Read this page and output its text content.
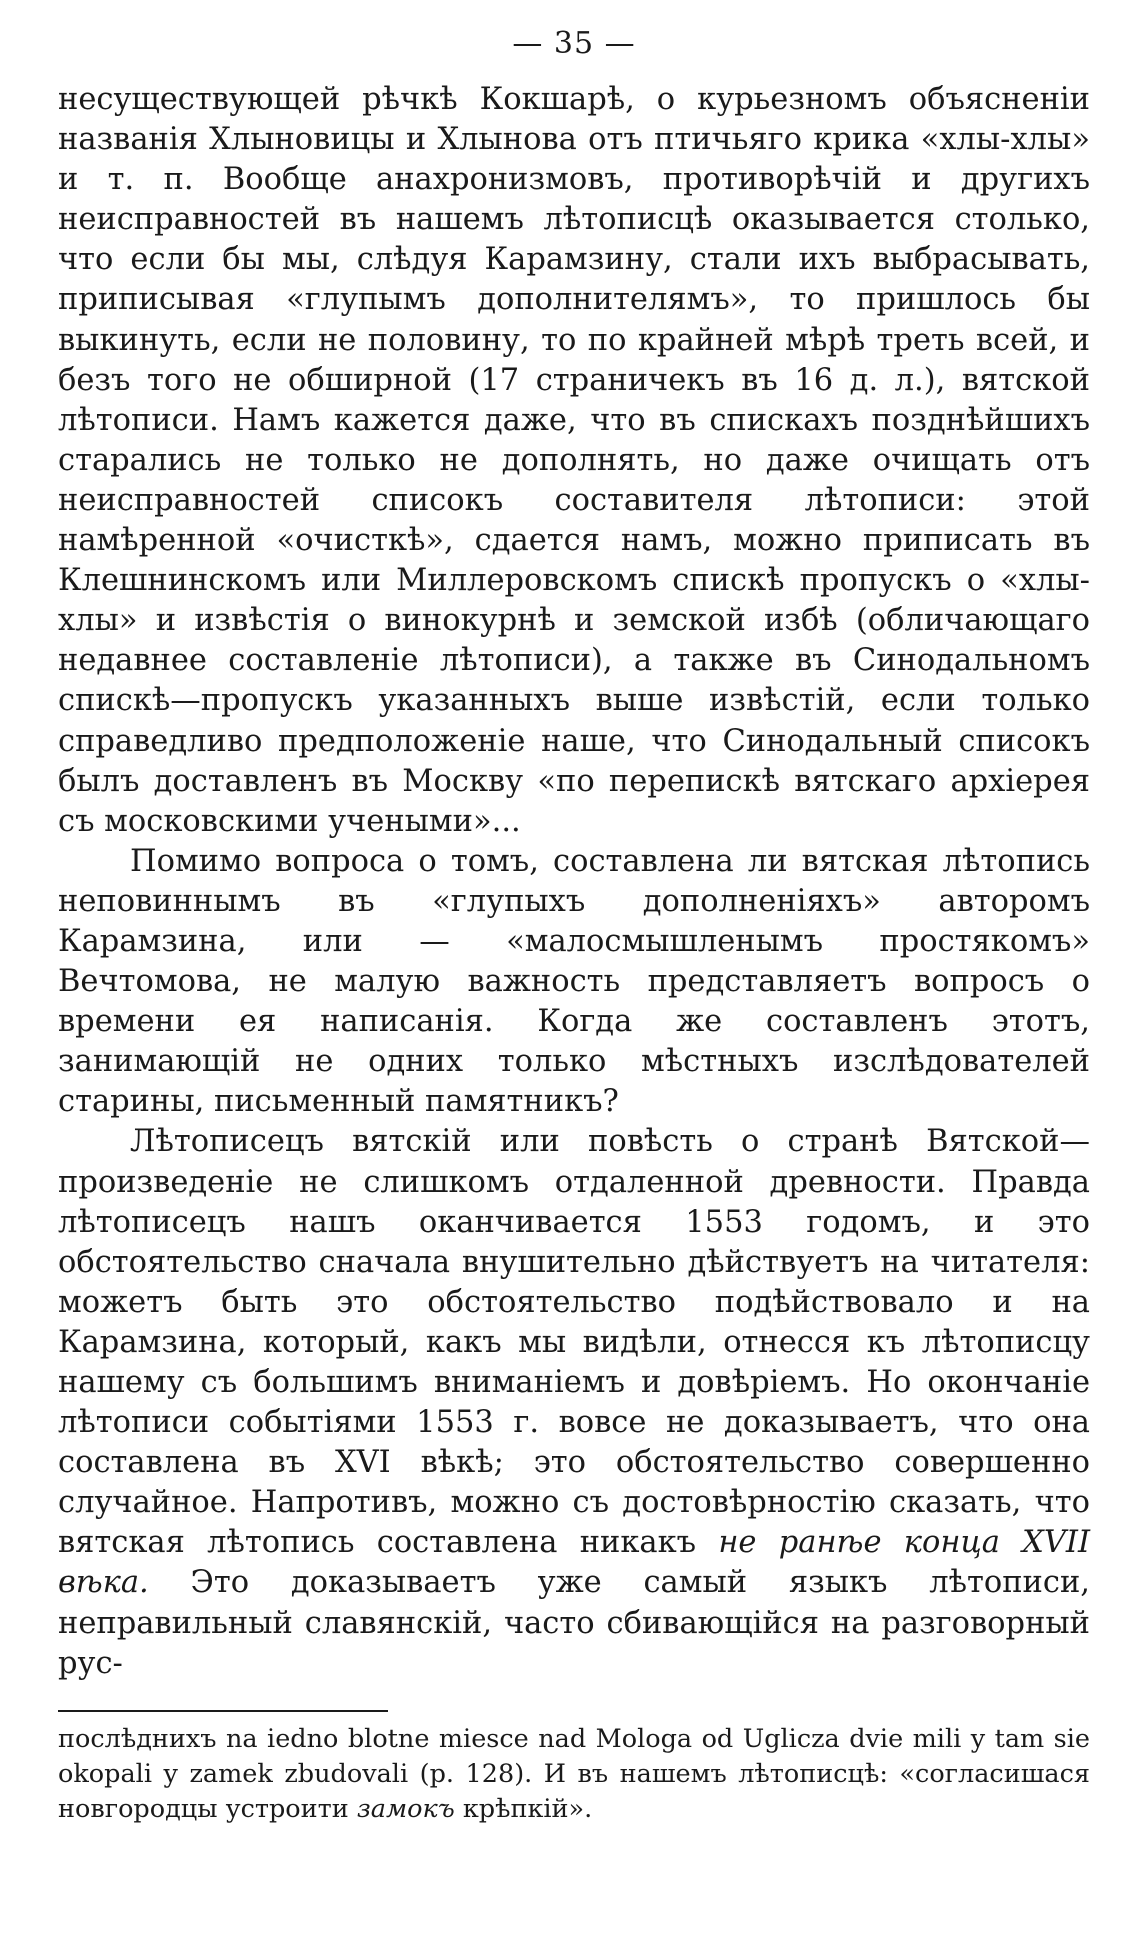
— 35 —

несуществующей рѣчкѣ Кокшарѣ, о курьезномъ объясненіи названія Хлыновицы и Хлынова отъ птичьяго крика «хлы-хлы» и т. п. Вообще анахронизмовъ, противорѣчій и другихъ неисправностей въ нашемъ лѣтописцѣ оказывается столько, что если бы мы, слѣдуя Карамзину, стали ихъ выбрасывать, приписывая «глупымъ дополнителямъ», то пришлось бы выкинуть, если не половину, то по крайней мѣрѣ треть всей, и безъ того не обширной (17 страничекъ въ 16 д. л.), вятской лѣтописи. Намъ кажется даже, что въ спискахъ позднѣйшихъ старались не только не дополнять, но даже очищать отъ неисправностей списокъ составителя лѣтописи: этой намѣренной «очисткѣ», сдается намъ, можно приписать въ Клешнинскомъ или Миллеровскомъ спискѣ пропускъ о «хлы-хлы» и извѣстія о винокурнѣ и земской избѣ (обличающаго недавнее составленіе лѣтописи), а также въ Синодальномъ спискѣ—пропускъ указанныхъ выше извѣстій, если только справедливо предположеніе наше, что Синодальный списокъ былъ доставленъ въ Москву «по перепискѣ вятскаго архіерея съ московскими учеными»...

Помимо вопроса о томъ, составлена ли вятская лѣтопись неповиннымъ въ «глупыхъ дополненіяхъ» авторомъ Карамзина, или — «малосмышленымъ простякомъ» Вечтомова, не малую важность представляетъ вопросъ о времени ея написанія. Когда же составленъ этотъ, занимающій не одних только мѣстныхъ изслѣдователей старины, письменный памятникъ?

Лѣтописецъ вятскій или повѣсть о странѣ Вятской—произведеніе не слишкомъ отдаленной древности. Правда лѣтописецъ нашъ оканчивается 1553 годомъ, и это обстоятельство сначала внушительно дѣйствуетъ на читателя: можетъ быть это обстоятельство подѣйствовало и на Карамзина, который, какъ мы видѣли, отнесся къ лѣтописцу нашему съ большимъ вниманіемъ и довѣріемъ. Но окончаніе лѣтописи событіями 1553 г. вовсе не доказываетъ, что она составлена въ XVI вѣкѣ; это обстоятельство совершенно случайное. Напротивъ, можно съ достовѣрностію сказать, что вятская лѣтопись составлена никакъ не ранѣе конца XVII вѣка. Это доказываетъ уже самый языкъ лѣтописи, неправильный славянскій, часто сбивающійся на разговорный рус-

послѣднихъ na iedno blotne miesce nad Mologa od Uglicza dvie mili y tam sie okopali y zamek zbudovali (p. 128). И въ нашемъ лѣтописцѣ: «согласишася новгородцы устроити замокъ крѣпкій».
